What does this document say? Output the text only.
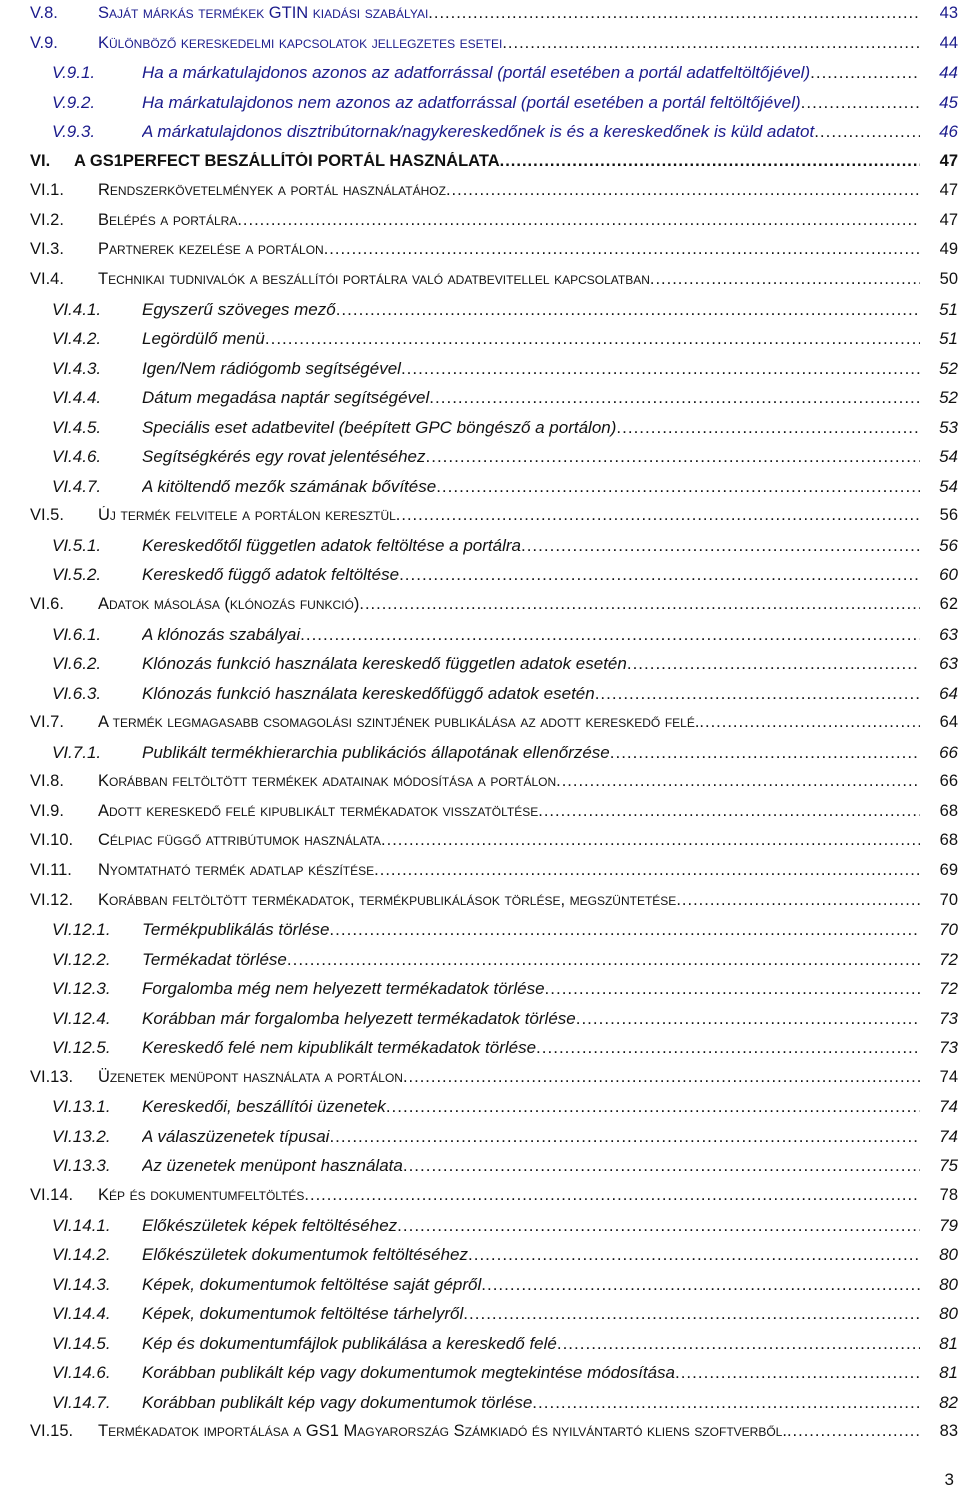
V.8. Saját márkás termékek GTIN kiadási szabályai .....	43
V.9. Különböző kereskedelmi kapcsolatok jellegzetes esetei .....	44
V.9.1.	Ha a márkatulajdonos azonos az adatforrással (portál esetében a portál adatfeltöltőjével) .....	44
V.9.2.	Ha márkatulajdonos nem azonos az adatforrással (portál esetében a portál feltöltőjével) .....	45
V.9.3.	A márkatulajdonos disztribútornak/nagykereskedőnek is és a kereskedőnek is küld adatot .....	46
VI. A GS1PERFECT BESZÁLLÍTÓI PORTÁL HASZNÁLATA .....	47
VI.1. Rendszerkövetelmények a portál használatához .....	47
VI.2. Belépés a portálra .....	47
VI.3. Partnerek kezelése a portálon .....	49
VI.4. Technikai tudnivalók a beszállítói portálra való adatbevitellel kapcsolatban .....	50
VI.4.1. Egyszerű szöveges mező .....	51
VI.4.2. Legördülő menü .....	51
VI.4.3. Igen/Nem rádiógomb segítségével .....	52
VI.4.4. Dátum megadása naptár segítségével .....	52
VI.4.5. Speciális eset adatbevitel (beépített GPC böngésző a portálon) .....	53
VI.4.6. Segítségkérés egy rovat jelentéséhez .....	54
VI.4.7. A kitöltendő mezők számának bővítése .....	54
VI.5. Új termék felvitele a portálon keresztül .....	56
VI.5.1. Kereskedőtől független adatok feltöltése a portálra .....	56
VI.5.2. Kereskedő függő adatok feltöltése .....	60
VI.6. Adatok másolása (klónozás funkció) .....	62
VI.6.1. A klónozás szabályai .....	63
VI.6.2. Klónozás funkció használata kereskedő független adatok esetén .....	63
VI.6.3. Klónozás funkció használata kereskedőfüggő adatok esetén .....	64
VI.7. A termék legmagasabb csomagolási szintjének publikálása az adott kereskedő felé. .....	64
VI.7.1. Publikált termékhierarchia publikációs állapotának ellenőrzése .....	66
VI.8. Korábban feltöltött termékek adatainak módosítása a portálon .....	66
VI.9. Adott kereskedő felé kipublikált termékadatok visszatöltése .....	68
VI.10. Célpiac függő attribútumok használata .....	68
VI.11. Nyomtatható termék adatlap készítése .....	69
VI.12. Korábban feltöltött termékadatok, termékpublikálások törlése, megszüntetése .....	70
VI.12.1. Termékpublikálás törlése .....	70
VI.12.2. Termékadat törlése .....	72
VI.12.3. Forgalomba még nem helyezett termékadatok törlése .....	72
VI.12.4. Korábban már forgalomba helyezett termékadatok törlése .....	73
VI.12.5. Kereskedő felé nem kipublikált termékadatok törlése .....	73
VI.13. Üzenetek menüpont használata a portálon .....	74
VI.13.1. Kereskedői, beszállítói üzenetek .....	74
VI.13.2. A válaszüzenetek típusai .....	74
VI.13.3. Az üzenetek menüpont használata .....	75
VI.14. Kép és dokumentumfeltöltés .....	78
VI.14.1. Előkészületek képek feltöltéséhez .....	79
VI.14.2. Előkészületek dokumentumok feltöltéséhez .....	80
VI.14.3. Képek, dokumentumok feltöltése saját gépről .....	80
VI.14.4. Képek, dokumentumok feltöltése tárhelyről .....	80
VI.14.5. Kép és dokumentumfájlok publikálása a kereskedő felé .....	81
VI.14.6. Korábban publikált kép vagy dokumentumok megtekintése módosítása .....	81
VI.14.7. Korábban publikált kép vagy dokumentumok törlése .....	82
VI.15. Termékadatok importálása a GS1 Magyarország Számkiadó és nyilvántartó kliens szoftverből. .....	83
3
